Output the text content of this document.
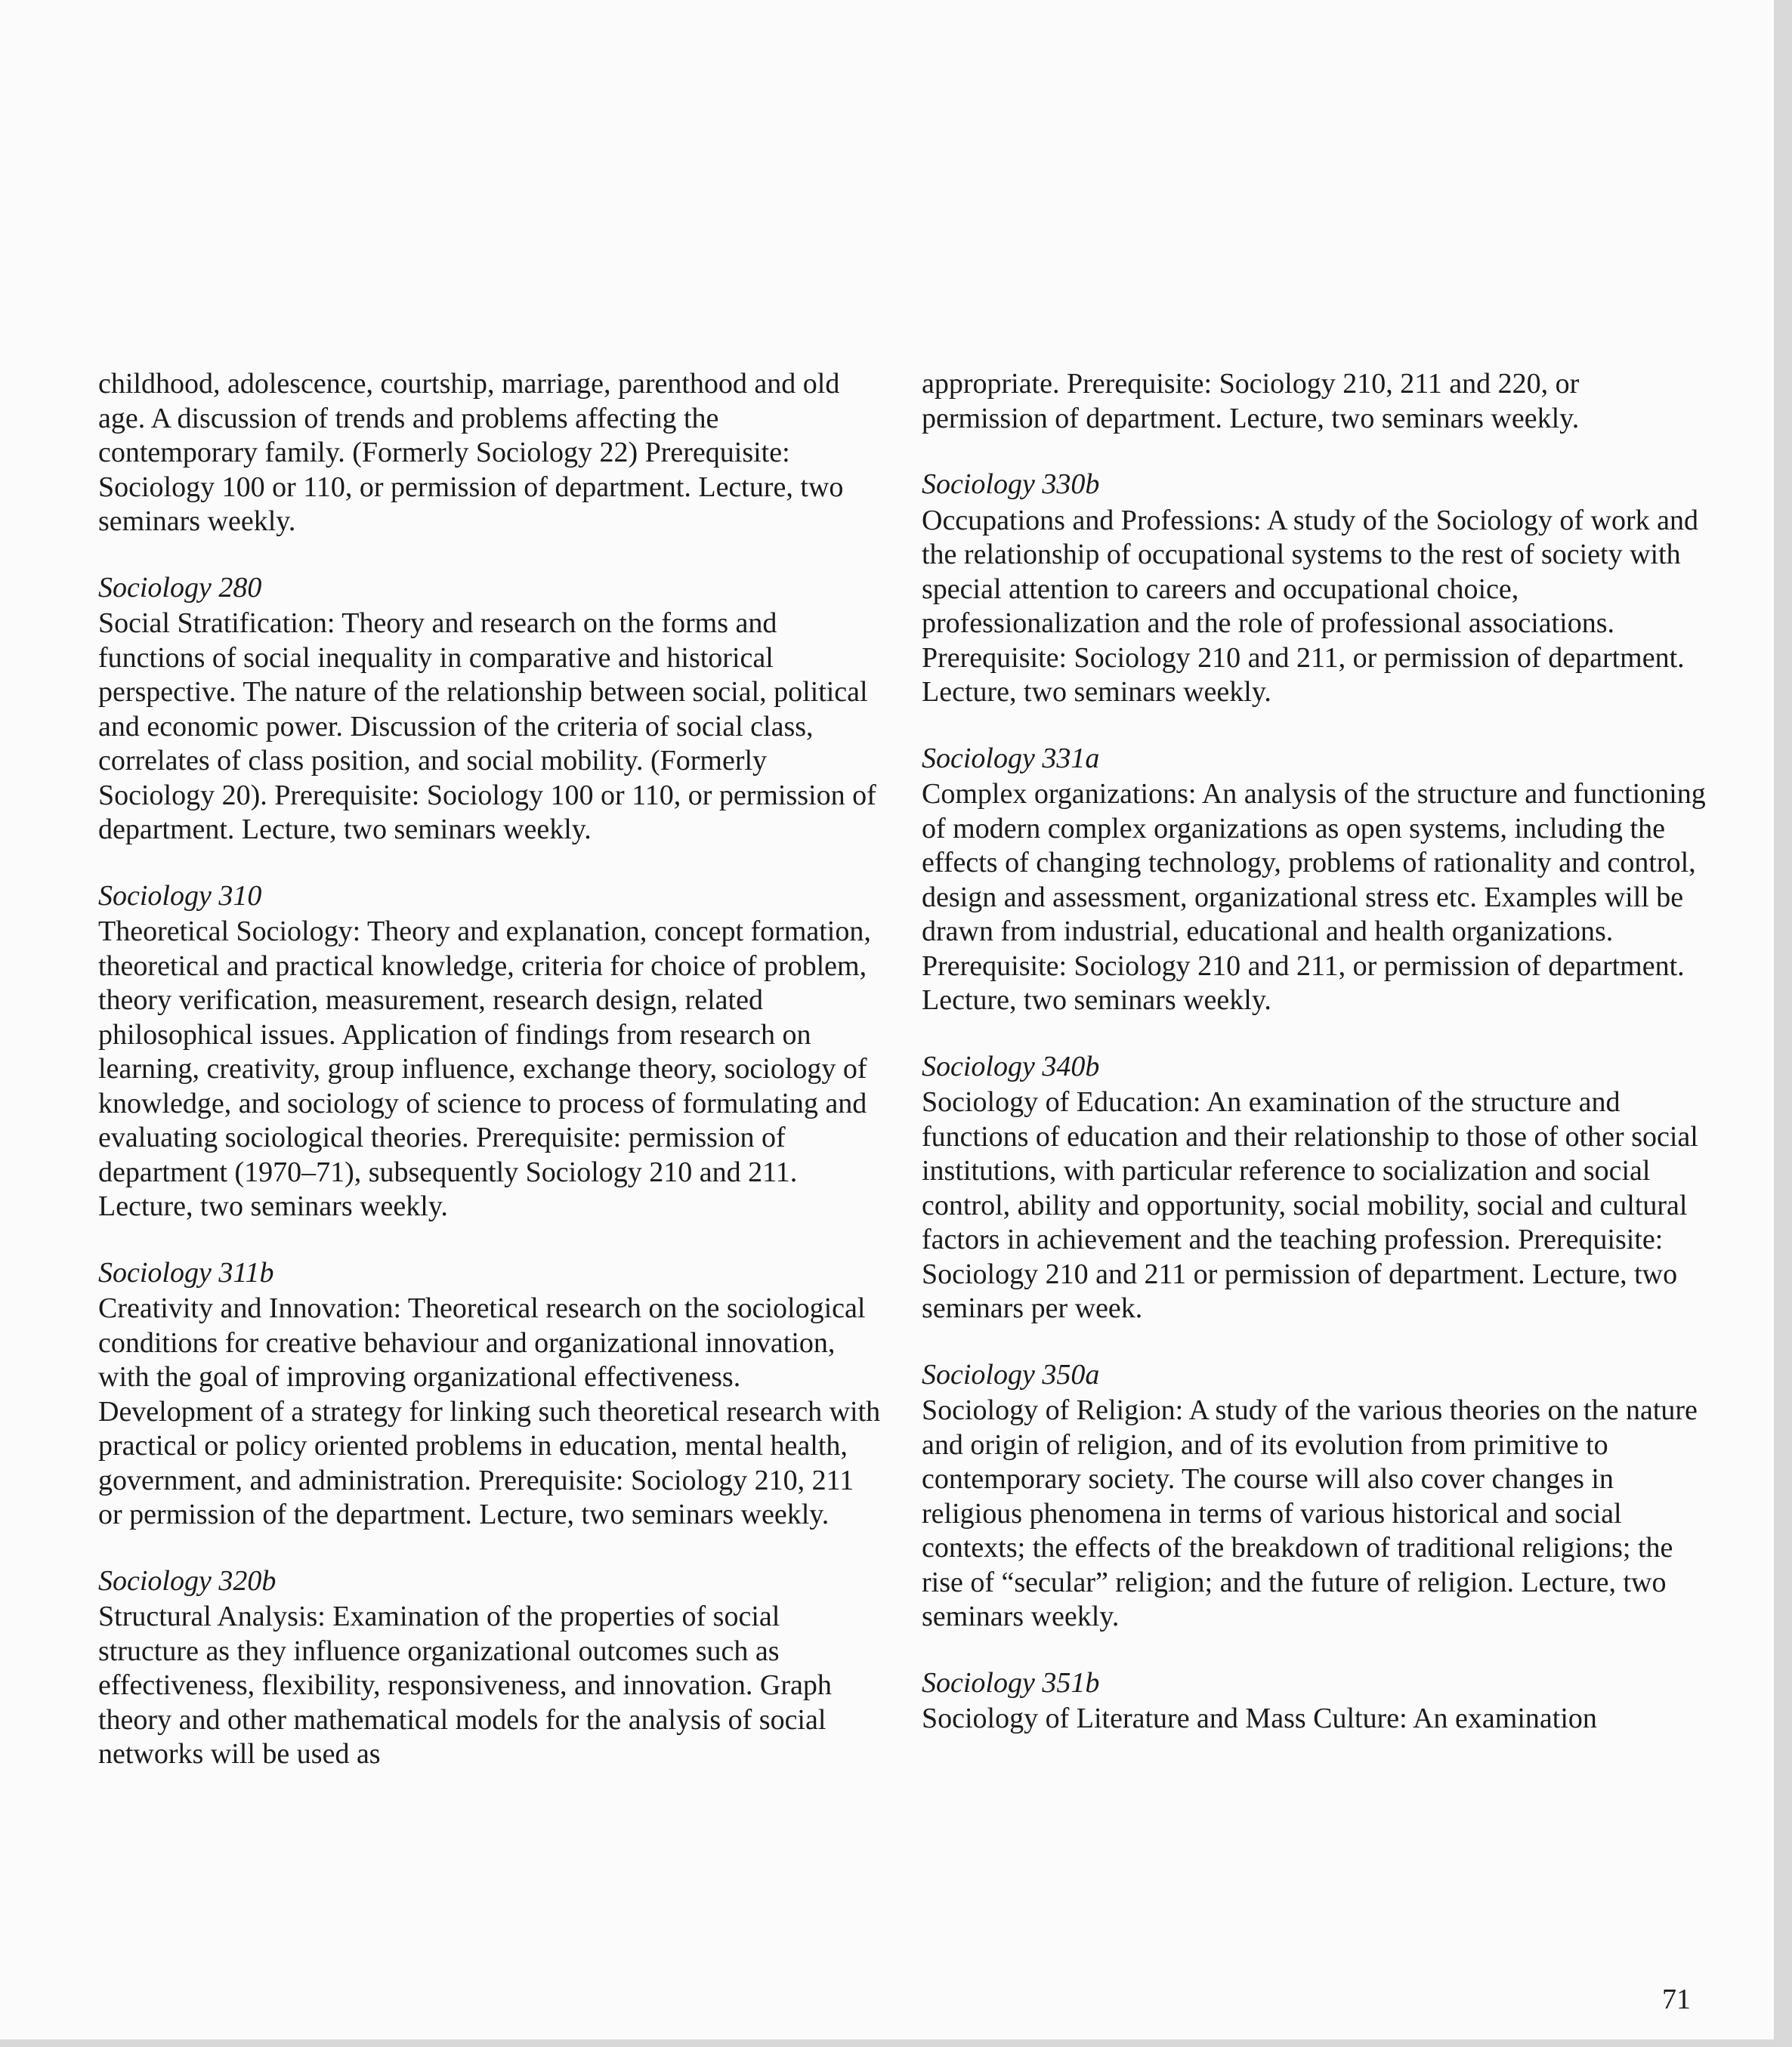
childhood, adolescence, courtship, marriage, parenthood and old age. A discussion of trends and problems affecting the contemporary family. (Formerly Sociology 22) Prerequisite: Sociology 100 or 110, or permission of department. Lecture, two seminars weekly.

Sociology 280
Social Stratification: Theory and research on the forms and functions of social inequality in comparative and historical perspective. The nature of the relationship between social, political and economic power. Discussion of the criteria of social class, correlates of class position, and social mobility. (Formerly Sociology 20). Prerequisite: Sociology 100 or 110, or permission of department. Lecture, two seminars weekly.
Sociology 310
Theoretical Sociology: Theory and explanation, concept formation, theoretical and practical knowledge, criteria for choice of problem, theory verification, measurement, research design, related philosophical issues. Application of findings from research on learning, creativity, group influence, exchange theory, sociology of knowledge, and sociology of science to process of formulating and evaluating sociological theories. Prerequisite: permission of department (1970–71), subsequently Sociology 210 and 211. Lecture, two seminars weekly.
Sociology 311b
Creativity and Innovation: Theoretical research on the sociological conditions for creative behaviour and organizational innovation, with the goal of improving organizational effectiveness. Development of a strategy for linking such theoretical research with practical or policy oriented problems in education, mental health, government, and administration. Prerequisite: Sociology 210, 211 or permission of the department. Lecture, two seminars weekly.
Sociology 320b
Structural Analysis: Examination of the properties of social structure as they influence organizational outcomes such as effectiveness, flexibility, responsiveness, and innovation. Graph theory and other mathematical models for the analysis of social networks will be used as

appropriate. Prerequisite: Sociology 210, 211 and 220, or permission of department. Lecture, two seminars weekly.

Sociology 330b
Occupations and Professions: A study of the Sociology of work and the relationship of occupational systems to the rest of society with special attention to careers and occupational choice, professionalization and the role of professional associations. Prerequisite: Sociology 210 and 211, or permission of department. Lecture, two seminars weekly.
Sociology 331a
Complex organizations: An analysis of the structure and functioning of modern complex organizations as open systems, including the effects of changing technology, problems of rationality and control, design and assessment, organizational stress etc. Examples will be drawn from industrial, educational and health organizations. Prerequisite: Sociology 210 and 211, or permission of department. Lecture, two seminars weekly.
Sociology 340b
Sociology of Education: An examination of the structure and functions of education and their relationship to those of other social institutions, with particular reference to socialization and social control, ability and opportunity, social mobility, social and cultural factors in achievement and the teaching profession. Prerequisite: Sociology 210 and 211 or permission of department. Lecture, two seminars per week.
Sociology 350a
Sociology of Religion: A study of the various theories on the nature and origin of religion, and of its evolution from primitive to contemporary society. The course will also cover changes in religious phenomena in terms of various historical and social contexts; the effects of the breakdown of traditional religions; the rise of “secular” religion; and the future of religion. Lecture, two seminars weekly.
Sociology 351b
Sociology of Literature and Mass Culture: An examination
71
